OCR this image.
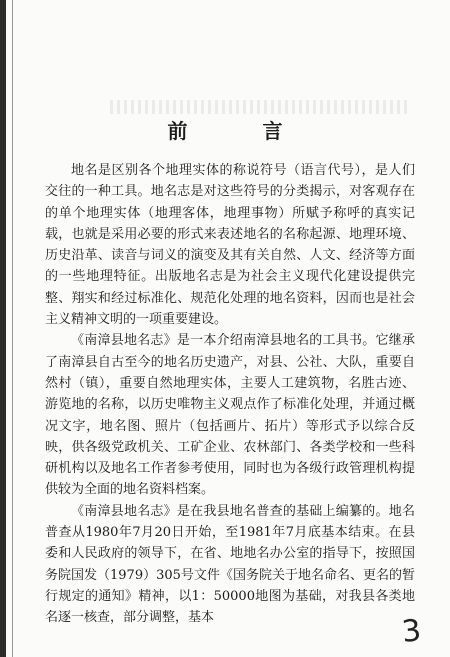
前 言

地名是区别各个地理实体的称说符号（语言代号），是人们交往的一种工具。地名志是对这些符号的分类揭示，对客观存在的单个地理实体（地理客体，地理事物）所赋予称呼的真实记载，也就是采用必要的形式来表述地名的名称起源、地理环境、历史沿革、读音与词义的演变及其有关自然、人文、经济等方面的一些地理特征。出版地名志是为社会主义现代化建设提供完整、翔实和经过标准化、规范化处理的地名资料，因而也是社会主义精神文明的一项重要建设。

《南漳县地名志》是一本介绍南漳县地名的工具书。它继承了南漳县自古至今的地名历史遗产，对县、公社、大队，重要自然村（镇），重要自然地理实体，主要人工建筑物，名胜古迹、游览地的名称，以历史唯物主义观点作了标准化处理，并通过概况文字，地名图、照片（包括画片、拓片）等形式予以综合反映，供各级党政机关、工矿企业、农林部门、各类学校和一些科研机构以及地名工作者参考使用，同时也为各级行政管理机构提供较为全面的地名资料档案。

《南漳县地名志》是在我县地名普查的基础上编纂的。地名普查从1980年7月20日开始，至1981年7月底基本结束。在县委和人民政府的领导下，在省、地地名办公室的指导下，按照国务院国发（1979）305号文件《国务院关于地名命名、更名的暂行规定的通知》精神，以1：50000地图为基础，对我县各类地名逐一核查，部分调整，基本	3
